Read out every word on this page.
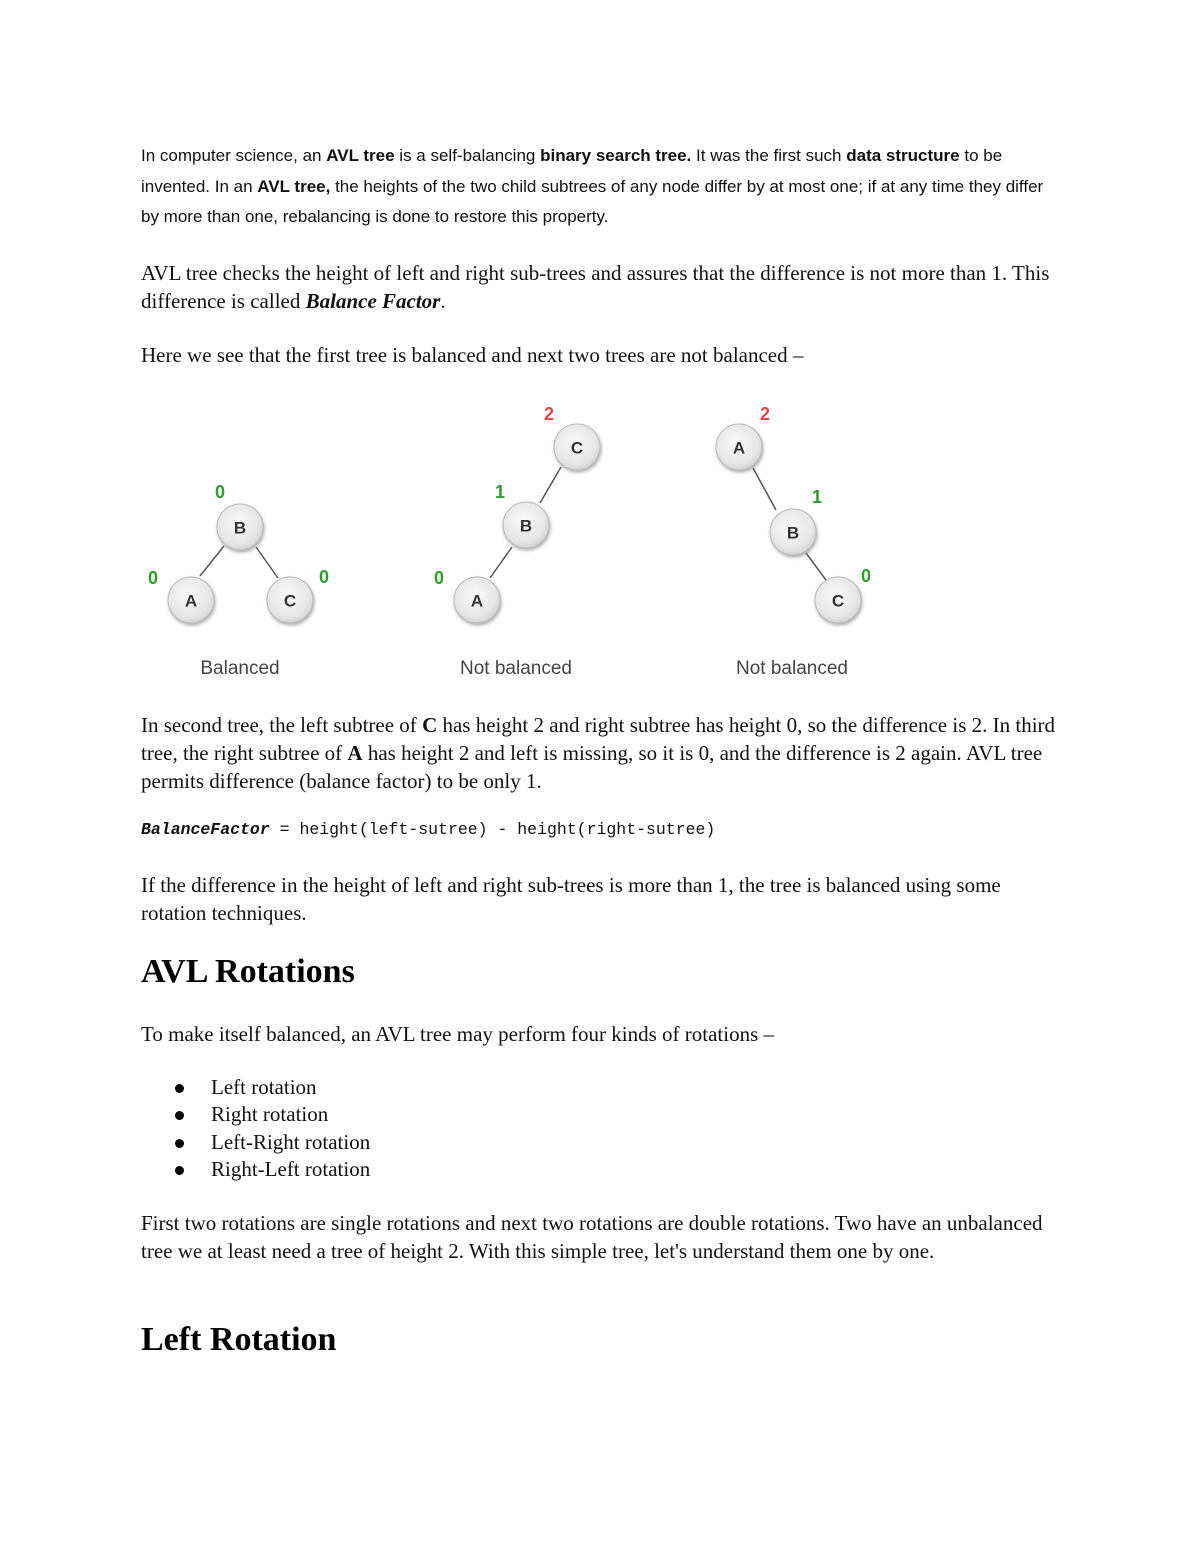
In computer science, an AVL tree is a self-balancing binary search tree. It was the first such data structure to be invented. In an AVL tree, the heights of the two child subtrees of any node differ by at most one; if at any time they differ by more than one, rebalancing is done to restore this property.

AVL tree checks the height of left and right sub-trees and assures that the difference is not more than 1. This difference is called Balance Factor.

Here we see that the first tree is balanced and next two trees are not balanced –

B
A	C
0
0	0
Balanced
C
B
A
2
1
0
Not balanced
A
B
C
2
1
0
Not balanced

In second tree, the left subtree of C has height 2 and right subtree has height 0, so the difference is 2. In third tree, the right subtree of A has height 2 and left is missing, so it is 0, and the difference is 2 again. AVL tree permits difference (balance factor) to be only 1.

BalanceFactor = height(left-sutree) - height(right-sutree)

If the difference in the height of left and right sub-trees is more than 1, the tree is balanced using some rotation techniques.

AVL Rotations

To make itself balanced, an AVL tree may perform four kinds of rotations –

Left rotation
Right rotation
Left-Right rotation
Right-Left rotation

First two rotations are single rotations and next two rotations are double rotations. Two have an unbalanced tree we at least need a tree of height 2. With this simple tree, let's understand them one by one.

Left Rotation
